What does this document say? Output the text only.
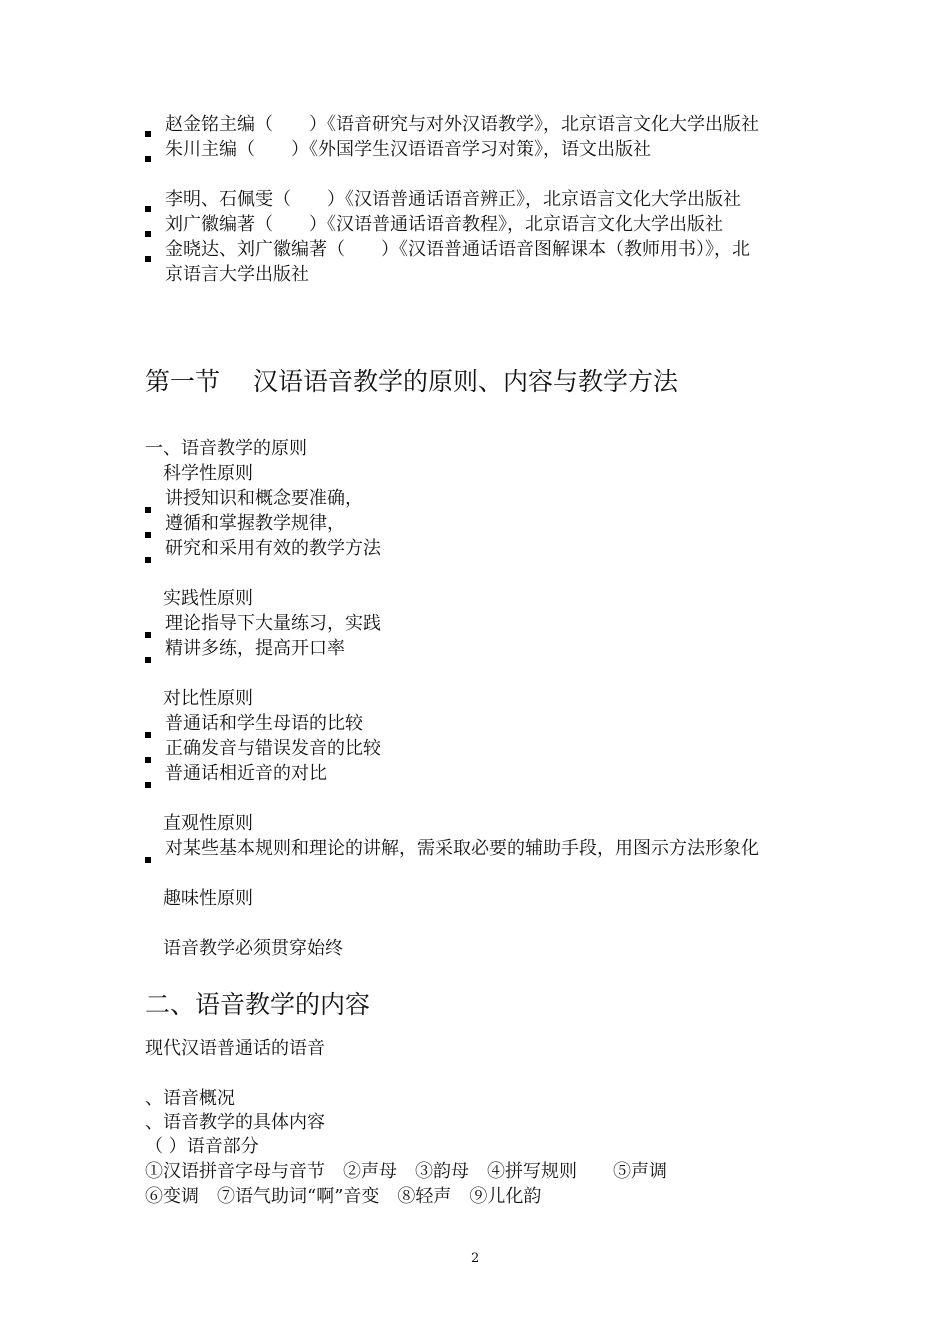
赵金铭主编（　　）《语音研究与对外汉语教学》，北京语言文化大学出版社
朱川主编（　　）《外国学生汉语语音学习对策》，语文出版社
李明、石佩雯（　　）《汉语普通话语音辨正》，北京语言文化大学出版社
刘广徽编著（　　）《汉语普通话语音教程》，北京语言文化大学出版社
金晓达、刘广徽编著（　　）《汉语普通话语音图解课本（教师用书）》，北
京语言大学出版社
第一节　 汉语语音教学的原则、内容与教学方法
一、语音教学的原则
科学性原则
讲授知识和概念要准确，
遵循和掌握教学规律，
研究和采用有效的教学方法
实践性原则
理论指导下大量练习，实践
精讲多练，提高开口率
对比性原则
普通话和学生母语的比较
正确发音与错误发音的比较
普通话相近音的对比
直观性原则
对某些基本规则和理论的讲解，需采取必要的辅助手段，用图示方法形象化
趣味性原则
语音教学必须贯穿始终
二、语音教学的内容
现代汉语普通话的语音
、语音概况
、语音教学的具体内容
（ ）语音部分
①汉语拼音字母与音节　②声母　③韵母　④拼写规则　　⑤声调
⑥变调　⑦语气助词“啊”音变　⑧轻声　⑨儿化韵
2
